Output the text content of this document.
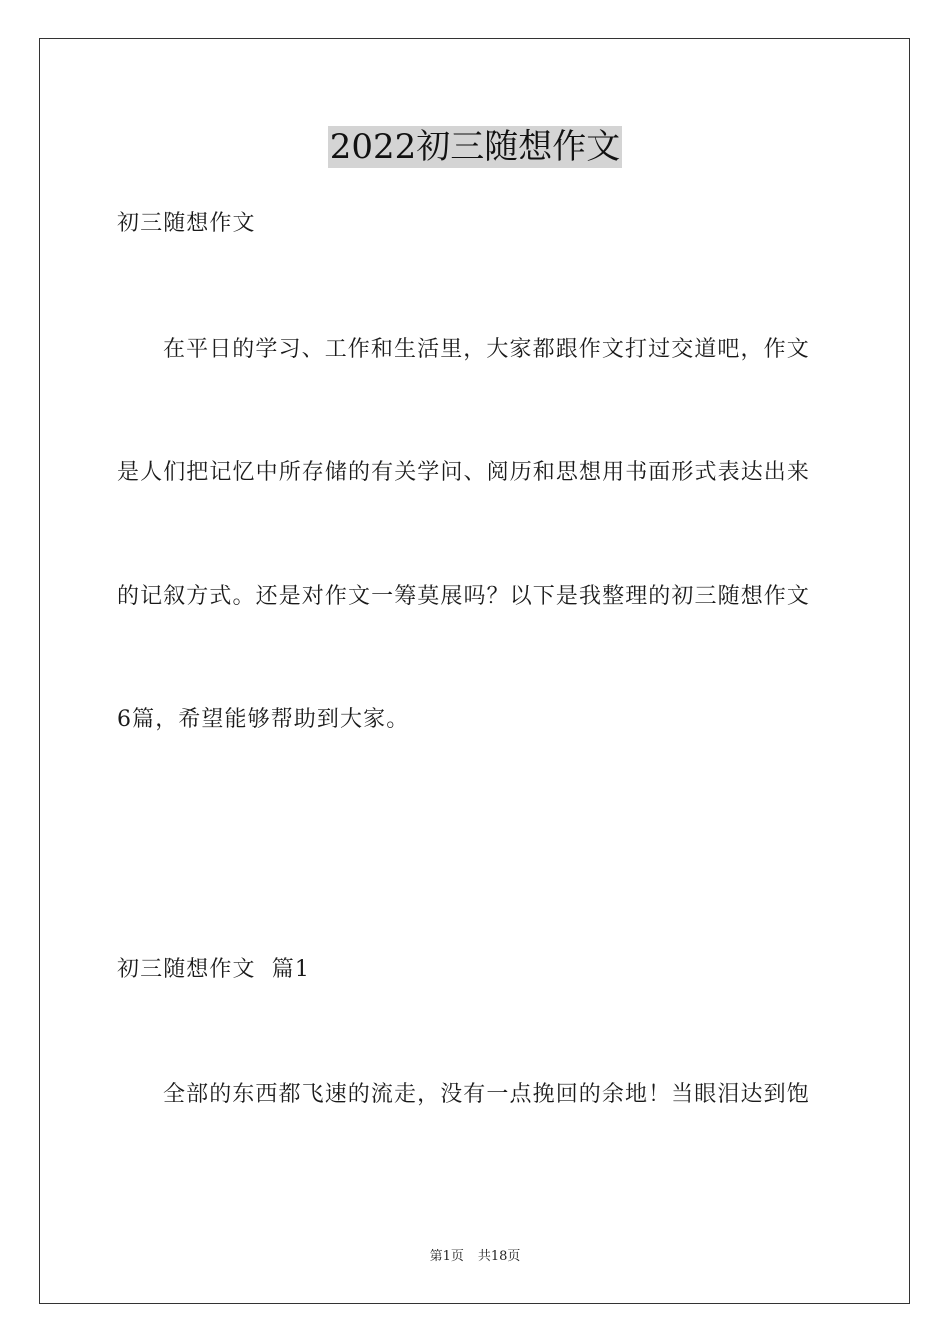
2022初三随想作文
初三随想作文
在平日的学习、工作和生活里，大家都跟作文打过交道吧，作文
是人们把记忆中所存储的有关学问、阅历和思想用书面形式表达出来
的记叙方式。还是对作文一筹莫展吗？以下是我整理的初三随想作文
6篇，希望能够帮助到大家。
初三随想作文  篇1
全部的东西都飞速的流走，没有一点挽回的余地！当眼泪达到饱
第1页 共18页
